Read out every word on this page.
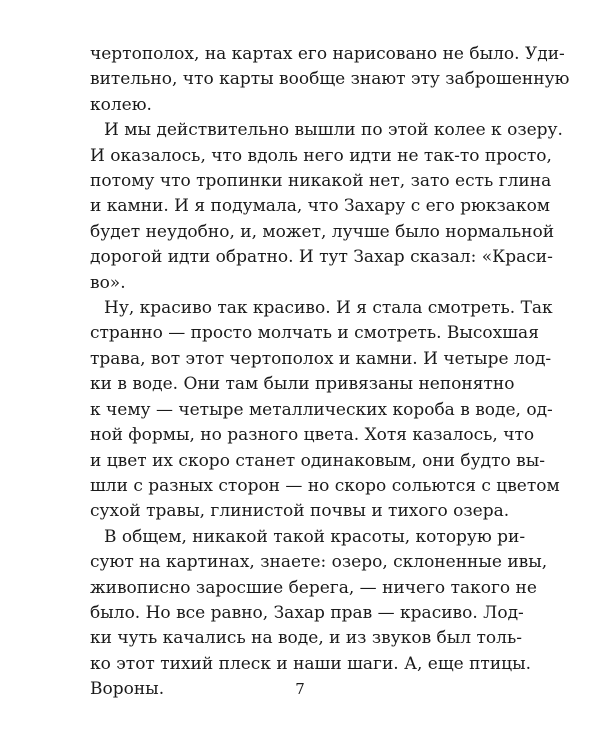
чертополох, на картах его нарисовано не было. Уди-
вительно, что карты вообще знают эту заброшенную
колею.
И мы действительно вышли по этой колее к озеру.
И оказалось, что вдоль него идти не так-то просто,
потому что тропинки никакой нет, зато есть глина
и камни. И я подумала, что Захару с его рюкзаком
будет неудобно, и, может, лучше было нормальной
дорогой идти обратно. И тут Захар сказал: «Краси-
во».
Ну, красиво так красиво. И я стала смотреть. Так
странно — просто молчать и смотреть. Высохшая
трава, вот этот чертополох и камни. И четыре лод-
ки в воде. Они там были привязаны непонятно
к чему — четыре металлических короба в воде, од-
ной формы, но разного цвета. Хотя казалось, что
и цвет их скоро станет одинаковым, они будто вы-
шли с разных сторон — но скоро сольются с цветом
сухой травы, глинистой почвы и тихого озера.
В общем, никакой такой красоты, которую ри-
суют на картинах, знаете: озеро, склоненные ивы,
живописно заросшие берега, — ничего такого не
было. Но все равно, Захар прав — красиво. Лод-
ки чуть качались на воде, и из звуков был толь-
ко этот тихий плеск и наши шаги. А, еще птицы.
Вороны.	7
